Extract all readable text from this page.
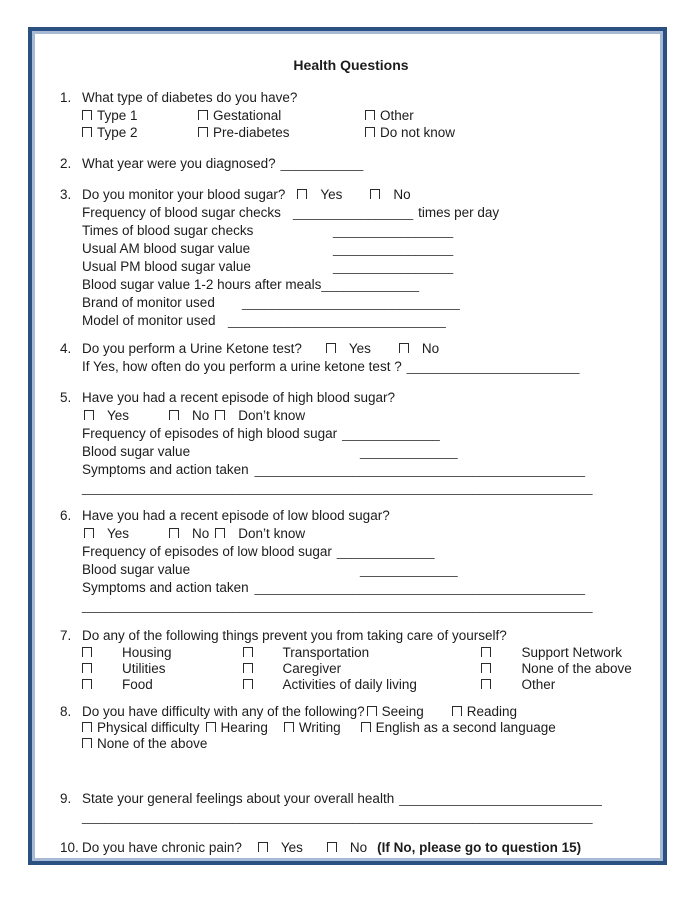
Health Questions
1. What type of diabetes do you have?
Type 1	Gestational	Other
Type 2	Pre-diabetes	Do not know
2. What year were you diagnosed? ___________
3. Do you monitor your blood sugar?	Yes	No
Frequency of blood sugar checks ________________ times per day
Times of blood sugar checks	________________
Usual AM blood sugar value	________________
Usual PM blood sugar value	________________
Blood sugar value 1-2 hours after meals _____________
Brand of monitor used	_____________________________
Model of monitor used _____________________________
4. Do you perform a Urine Ketone test?	Yes	No
If Yes, how often do you perform a urine ketone test ? _______________________
5. Have you had a recent episode of high blood sugar?
Yes	No Don’t know
Frequency of episodes of high blood sugar _____________
Blood sugar value	_____________
Symptoms and action taken ____________________________________________
____________________________________________________________________
6. Have you had a recent episode of low blood sugar?
Yes	No Don’t know
Frequency of episodes of low blood sugar _____________
Blood sugar value	_____________
Symptoms and action taken ____________________________________________
____________________________________________________________________
7. Do any of the following things prevent you from taking care of yourself?
Housing	Transportation	Support Network
Utilities	Caregiver	None of the above
Food	Activities of daily living	Other
8. Do you have difficulty with any of the following? Seeing	Reading
Physical difficulty Hearing Writing	English as a second language
None of the above
9. State your general feelings about your overall health ___________________________
____________________________________________________________________
10. Do you have chronic pain?	Yes	No (If No, please go to question 15)
